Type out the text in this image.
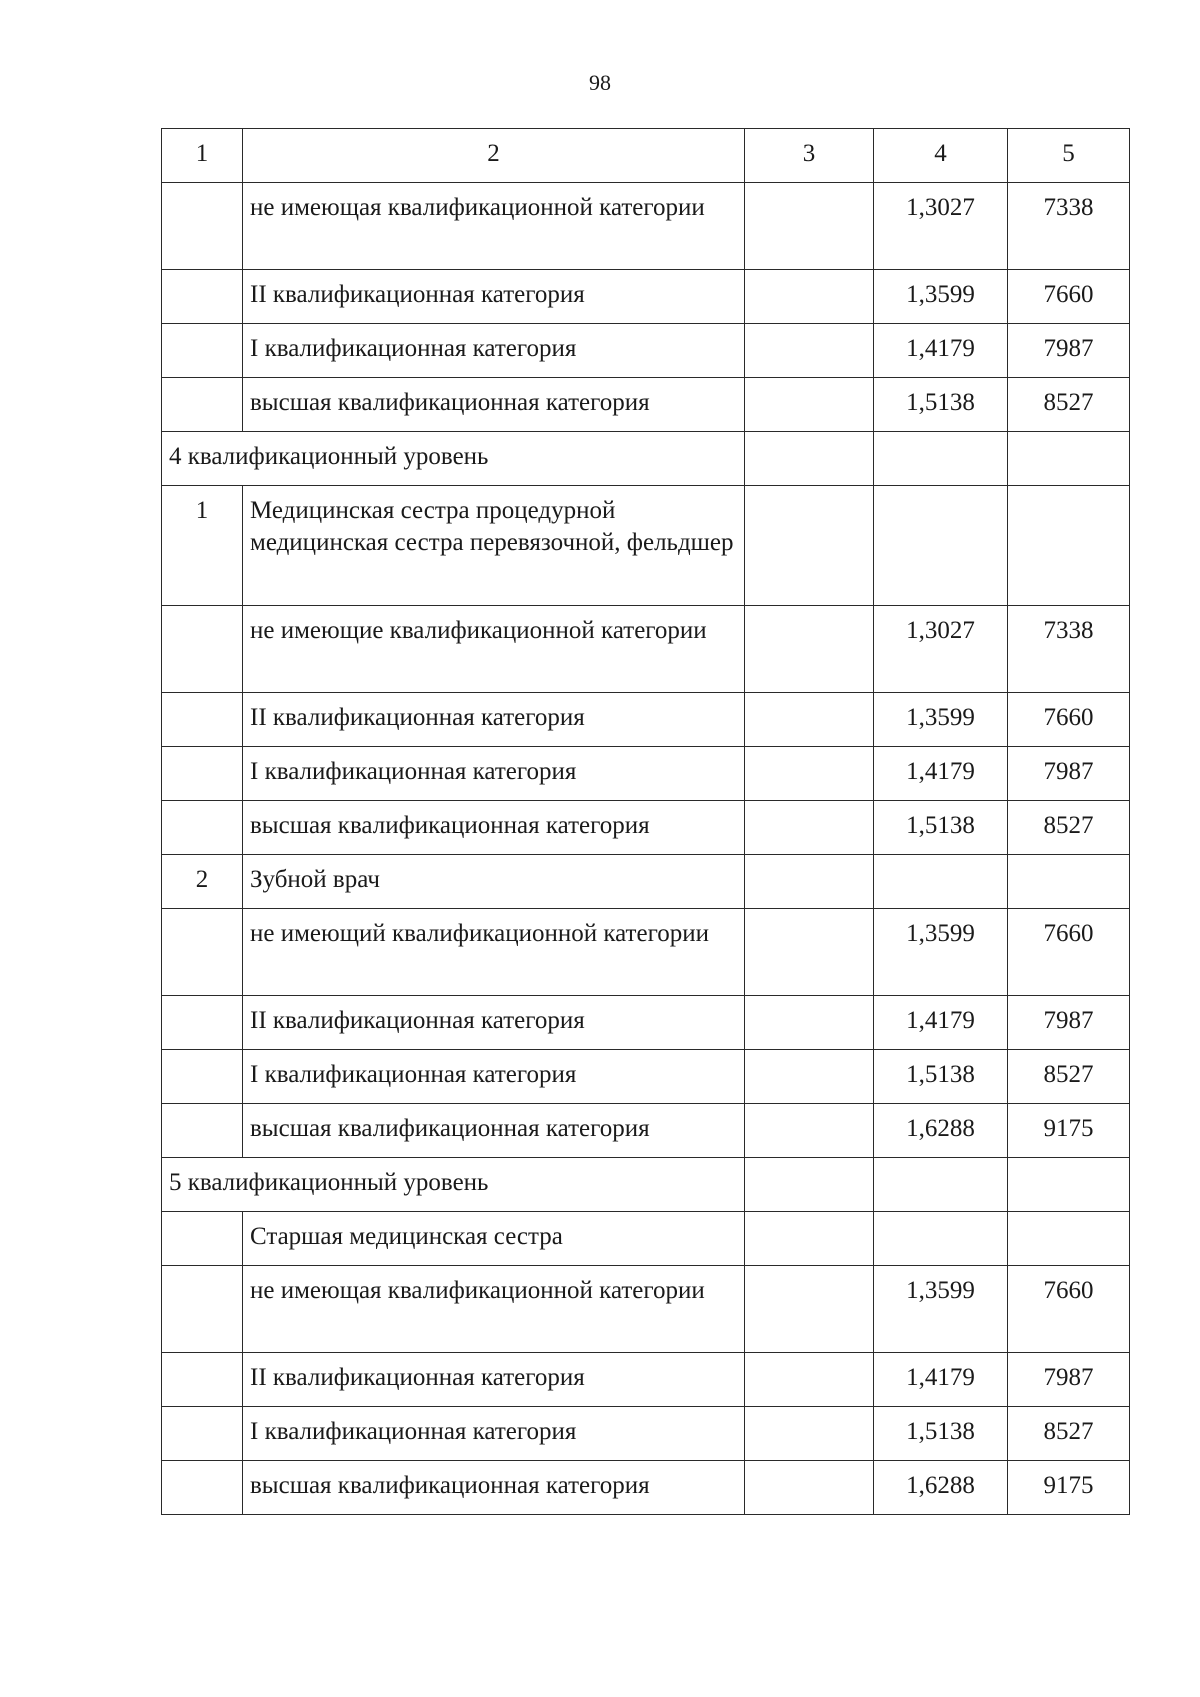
98
1	2	3	4	5
	не имеющая квалификационной категории		1,3027	7338
	II квалификационная категория		1,3599	7660
	I квалификационная категория		1,4179	7987
	высшая квалификационная категория		1,5138	8527
4 квалификационный уровень				
1	Медицинская сестра процедурной медицинская сестра перевязочной, фельдшер			
	не имеющие квалификационной категории		1,3027	7338
	II квалификационная категория		1,3599	7660
	I квалификационная категория		1,4179	7987
	высшая квалификационная категория		1,5138	8527
2	Зубной врач			
	не имеющий квалификационной категории		1,3599	7660
	II квалификационная категория		1,4179	7987
	I квалификационная категория		1,5138	8527
	высшая квалификационная категория		1,6288	9175
5 квалификационный уровень				
	Старшая медицинская сестра			
	не имеющая квалификационной категории		1,3599	7660
	II квалификационная категория		1,4179	7987
	I квалификационная категория		1,5138	8527
	высшая квалификационная категория		1,6288	9175
